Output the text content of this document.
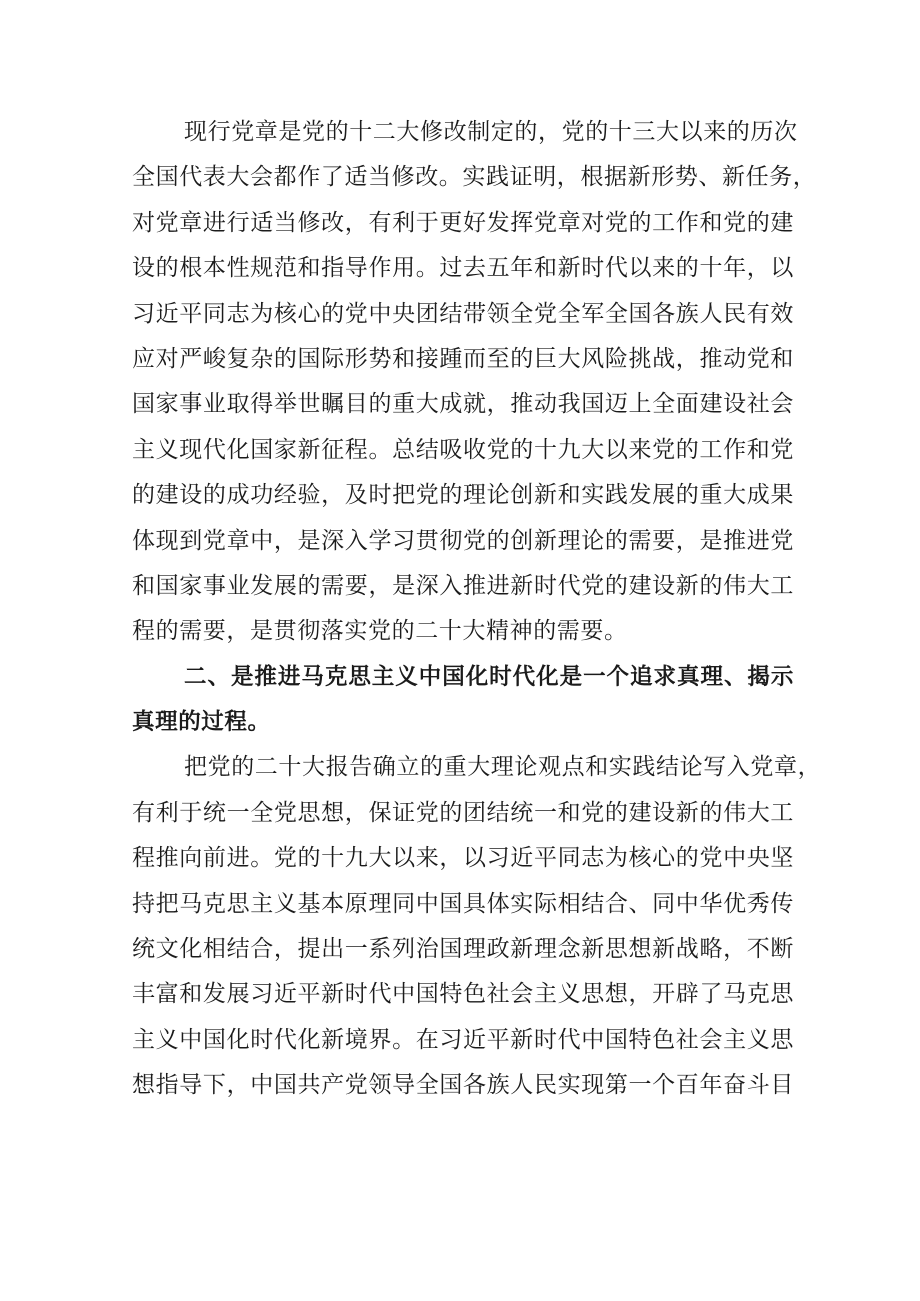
现行党章是党的十二大修改制定的，党的十三大以来的历次
全国代表大会都作了适当修改。实践证明，根据新形势、新任务，
对党章进行适当修改，有利于更好发挥党章对党的工作和党的建
设的根本性规范和指导作用。过去五年和新时代以来的十年，以
习近平同志为核心的党中央团结带领全党全军全国各族人民有效
应对严峻复杂的国际形势和接踵而至的巨大风险挑战，推动党和
国家事业取得举世瞩目的重大成就，推动我国迈上全面建设社会
主义现代化国家新征程。总结吸收党的十九大以来党的工作和党
的建设的成功经验，及时把党的理论创新和实践发展的重大成果
体现到党章中，是深入学习贯彻党的创新理论的需要，是推进党
和国家事业发展的需要，是深入推进新时代党的建设新的伟大工
程的需要，是贯彻落实党的二十大精神的需要。
二、是推进马克思主义中国化时代化是一个追求真理、揭示
真理的过程。
把党的二十大报告确立的重大理论观点和实践结论写入党章，
有利于统一全党思想，保证党的团结统一和党的建设新的伟大工
程推向前进。党的十九大以来，以习近平同志为核心的党中央坚
持把马克思主义基本原理同中国具体实际相结合、同中华优秀传
统文化相结合，提出一系列治国理政新理念新思想新战略，不断
丰富和发展习近平新时代中国特色社会主义思想，开辟了马克思
主义中国化时代化新境界。在习近平新时代中国特色社会主义思
想指导下，中国共产党领导全国各族人民实现第一个百年奋斗目
